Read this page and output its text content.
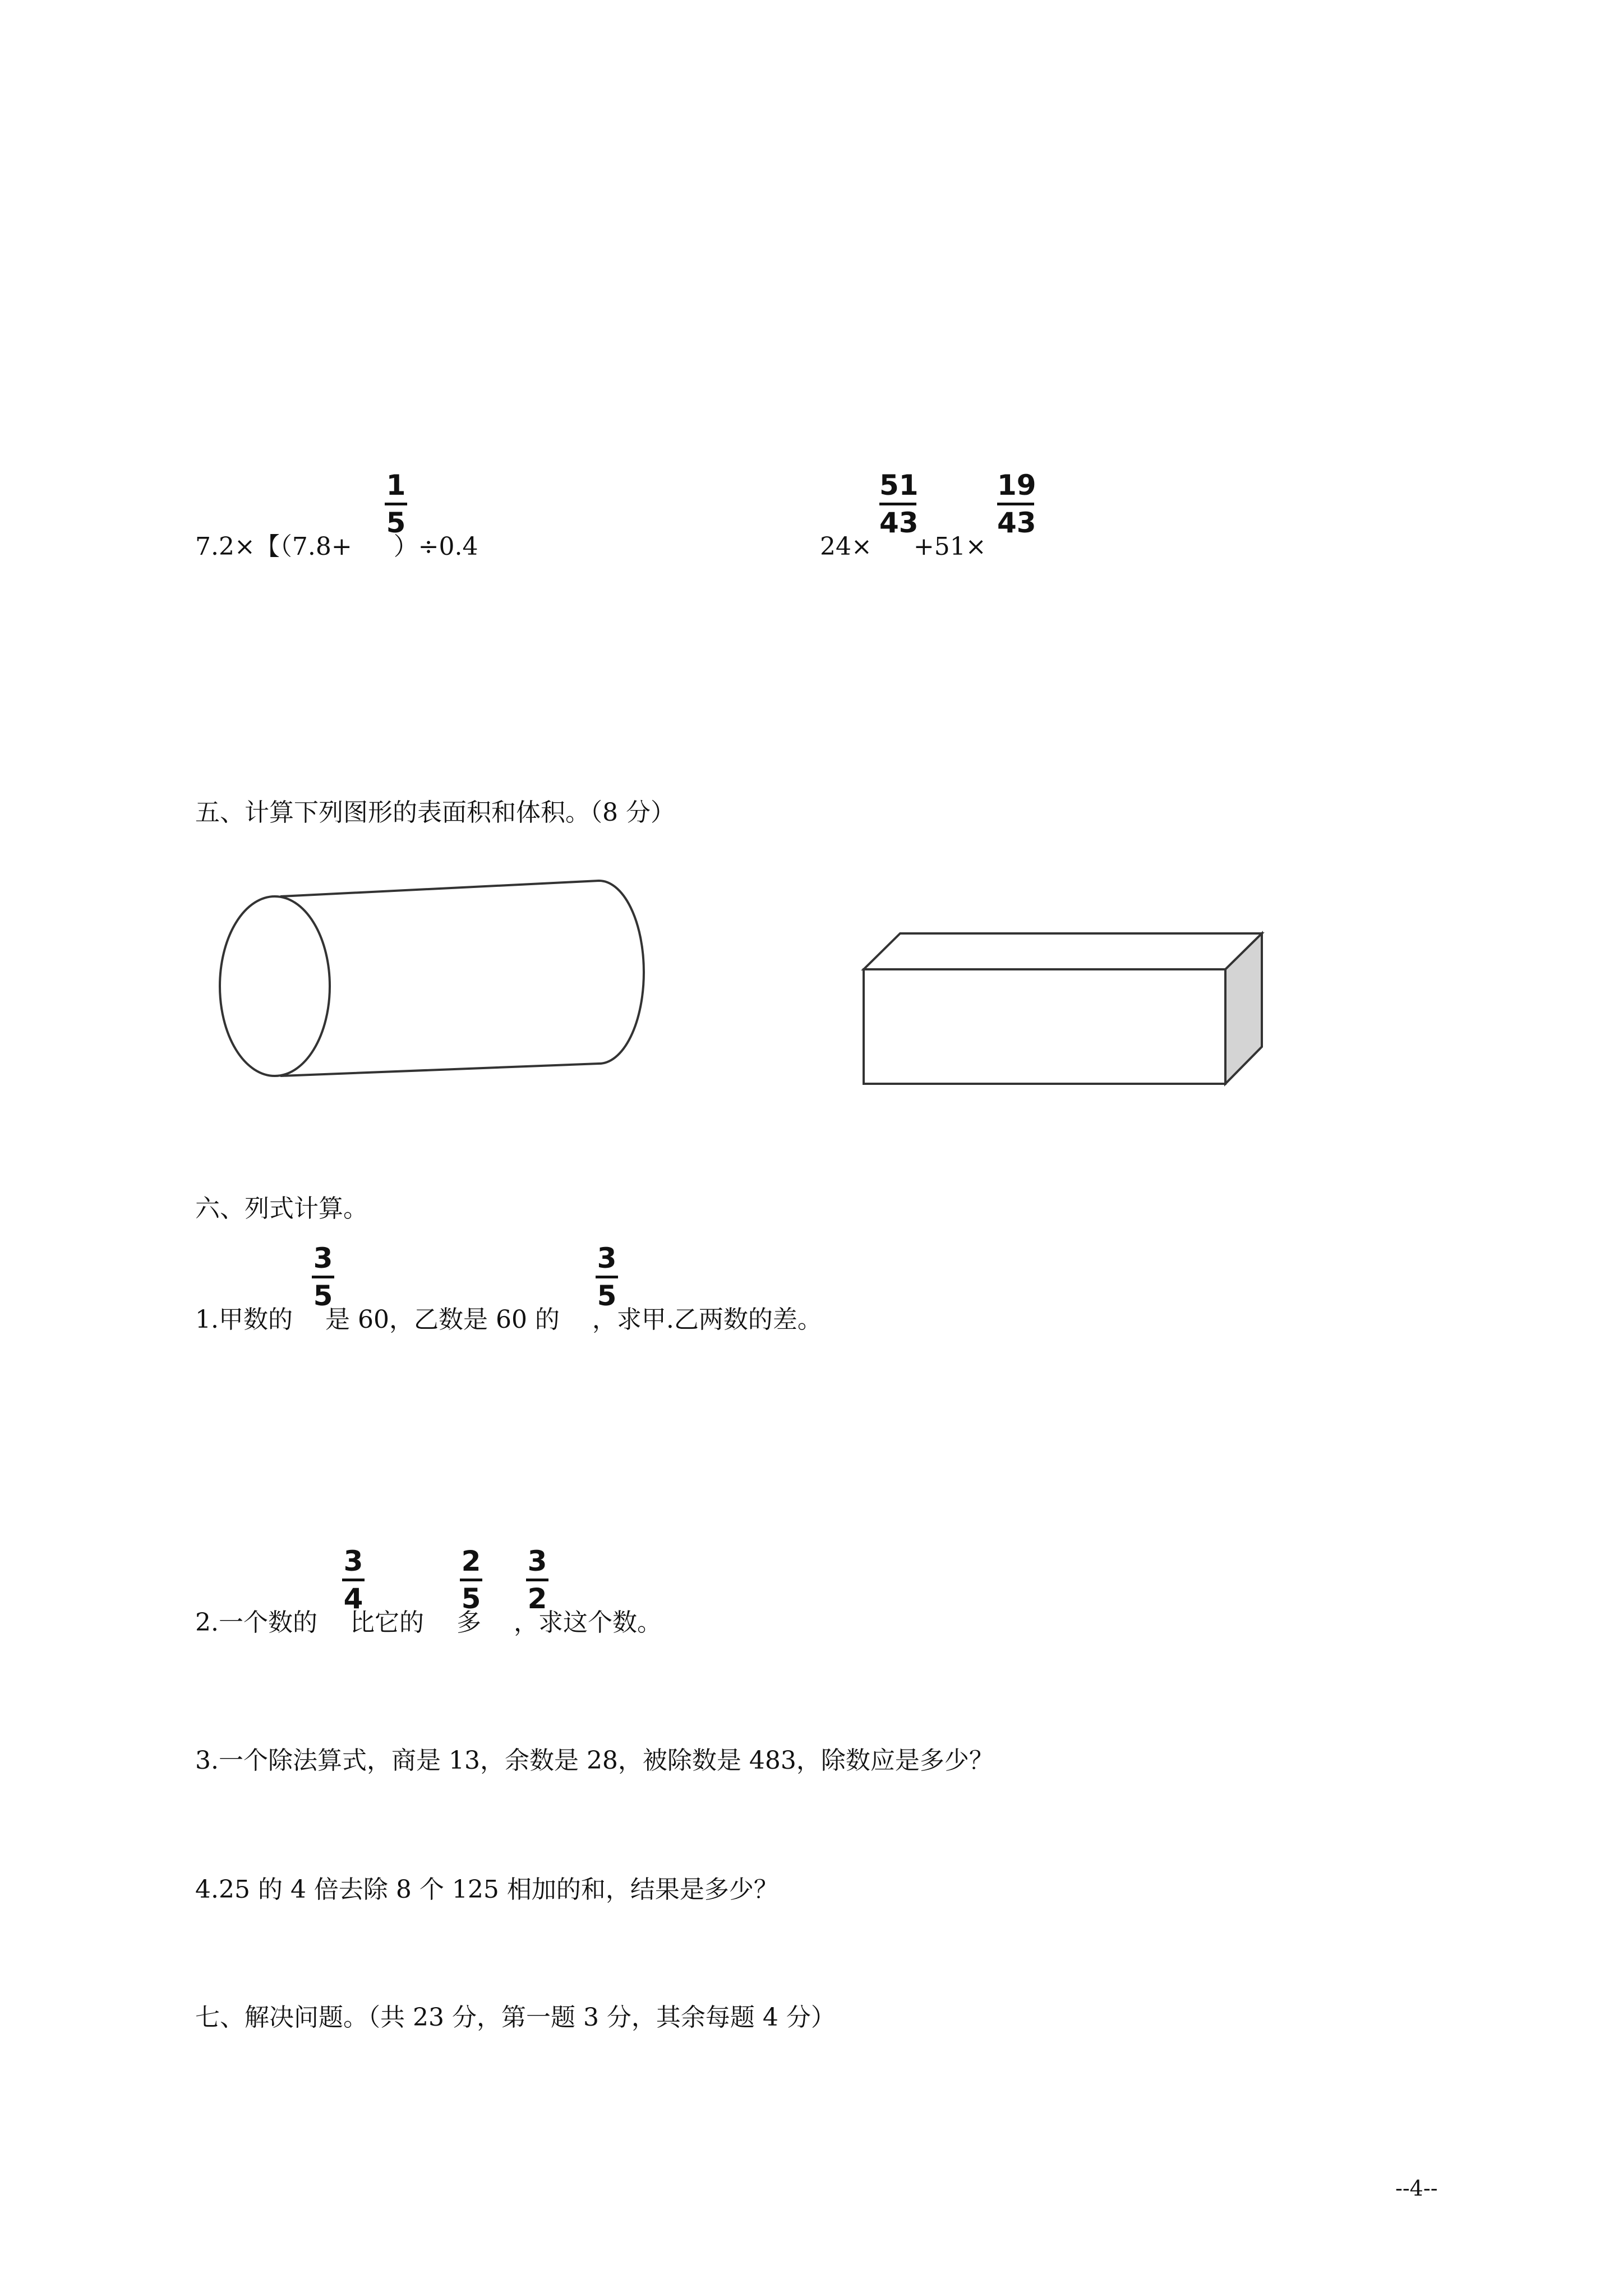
7.2×【（7.8+ ）÷0.4
1
5
24× +51×
51
43
19
43
五、计算下列图形的表面积和体积。（8 分）
六、列式计算。
1.甲数的 是 60，乙数是 60 的 ，求甲.乙两数的差。
3
5
3
5
2.一个数的 比它的 多 ，求这个数。
3
4
2
5
3
2
3.一个除法算式，商是 13，余数是 28，被除数是 483，除数应是多少？
4.25 的 4 倍去除 8 个 125 相加的和，结果是多少？
七、解决问题。（共 23 分，第一题 3 分，其余每题 4 分）
--4--
